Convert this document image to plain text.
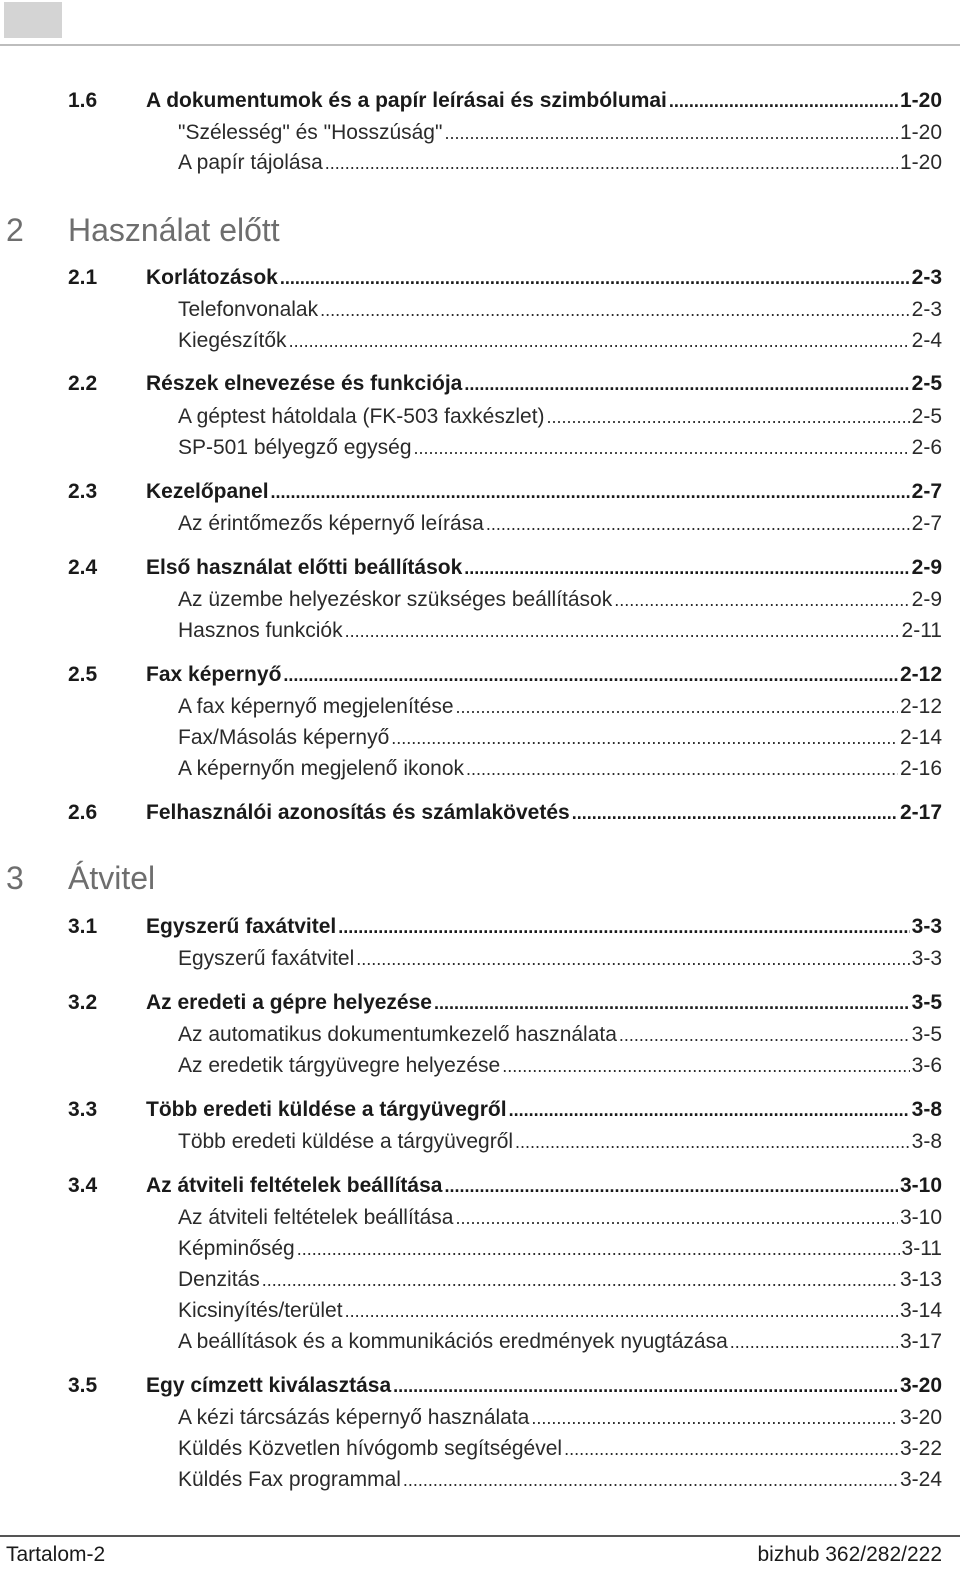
1.6 A dokumentumok és a papír leírásai és szimbólumai .....	1-20
"Szélesség" és "Hosszúság" .....	1-20
A papír tájolása .....	1-20
2 Használat előtt
2.1 Korlátozások .....	2-3
Telefonvonalak .....	2-3
Kiegészítők .....	2-4
2.2 Részek elnevezése és funkciója .....	2-5
A géptest hátoldala (FK-503 faxkészlet) .....	2-5
SP-501 bélyegző egység .....	2-6
2.3 Kezelőpanel .....	2-7
Az érintőmezős képernyő leírása .....	2-7
2.4 Első használat előtti beállítások .....	2-9
Az üzembe helyezéskor szükséges beállítások .....	2-9
Hasznos funkciók .....	2-11
2.5 Fax képernyő .....	2-12
A fax képernyő megjelenítése .....	2-12
Fax/Másolás képernyő .....	2-14
A képernyőn megjelenő ikonok .....	2-16
2.6 Felhasználói azonosítás és számlakövetés .....	2-17
3 Átvitel
3.1 Egyszerű faxátvitel .....	3-3
Egyszerű faxátvitel .....	3-3
3.2 Az eredeti a gépre helyezése .....	3-5
Az automatikus dokumentumkezelő használata .....	3-5
Az eredetik tárgyüvegre helyezése .....	3-6
3.3 Több eredeti küldése a tárgyüvegről .....	3-8
Több eredeti küldése a tárgyüvegről .....	3-8
3.4 Az átviteli feltételek beállítása .....	3-10
Az átviteli feltételek beállítása .....	3-10
Képminőség .....	3-11
Denzitás .....	3-13
Kicsinyítés/terület .....	3-14
A beállítások és a kommunikációs eredmények nyugtázása .....	3-17
3.5 Egy címzett kiválasztása .....	3-20
A kézi tárcsázás képernyő használata .....	3-20
Küldés Közvetlen hívógomb segítségével .....	3-22
Küldés Fax programmal .....	3-24
Tartalom-2	bizhub 362/282/222
